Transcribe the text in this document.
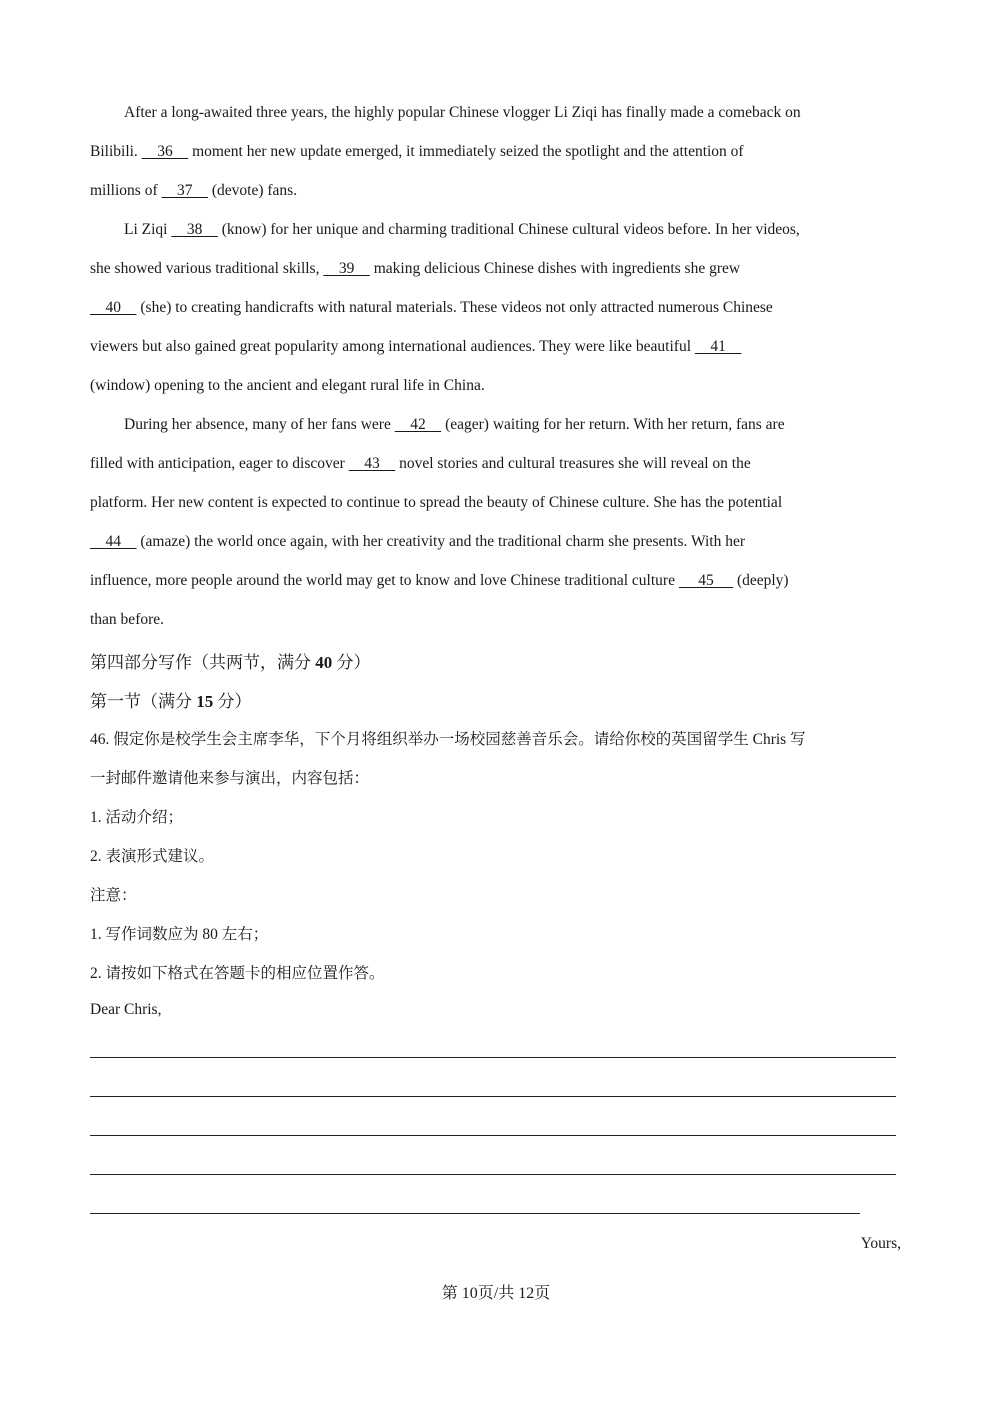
After a long-awaited three years, the highly popular Chinese vlogger Li Ziqi has finally made a comeback on
Bilibili.     36     moment her new update emerged, it immediately seized the spotlight and the attention of
millions of     37     (devote) fans.
Li Ziqi     38     (know) for her unique and charming traditional Chinese cultural videos before. In her videos,
she showed various traditional skills,     39     making delicious Chinese dishes with ingredients she grew
40     (she) to creating handicrafts with natural materials. These videos not only attracted numerous Chinese
viewers but also gained great popularity among international audiences. They were like beautiful     41
(window) opening to the ancient and elegant rural life in China.
During her absence, many of her fans were     42     (eager) waiting for her return. With her return, fans are
filled with anticipation, eager to discover     43     novel stories and cultural treasures she will reveal on the
platform. Her new content is expected to continue to spread the beauty of Chinese culture. She has the potential
44     (amaze) the world once again, with her creativity and the traditional charm she presents. With her
influence, more people around the world may get to know and love Chinese traditional culture      45      (deeply)
than before.
第四部分写作（共两节，满分 40 分）
第一节（满分 15 分）
46. 假定你是校学生会主席李华，下个月将组织举办一场校园慈善音乐会。请给你校的英国留学生 Chris 写
一封邮件邀请他来参与演出，内容包括：
1. 活动介绍；
2. 表演形式建议。
注意：
1. 写作词数应为 80 左右；
2. 请按如下格式在答题卡的相应位置作答。
Dear Chris,
Yours,
第 10页/共 12页
